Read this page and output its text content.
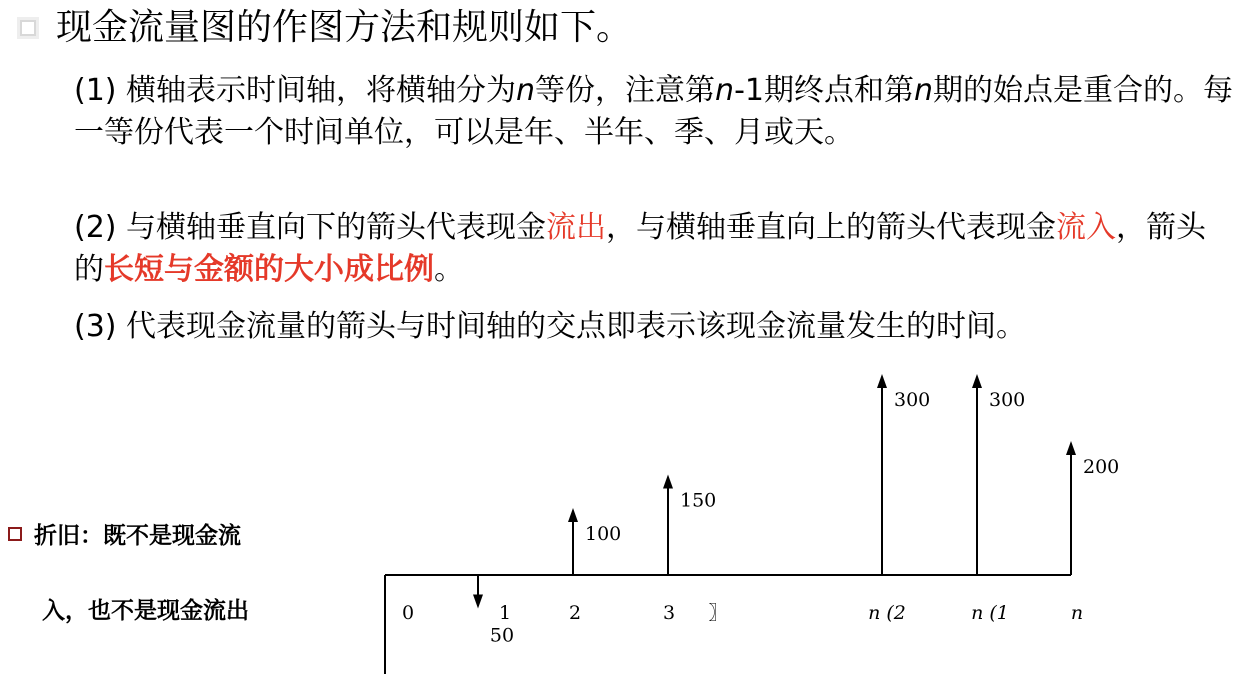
现金流量图的作图方法和规则如下。
(1) 横轴表示时间轴，将横轴分为n等份，注意第n-1期终点和第n期的始点是重合的。每一等份代表一个时间单位，可以是年、半年、季、月或天。
(2) 与横轴垂直向下的箭头代表现金流出，与横轴垂直向上的箭头代表现金流入，箭头的长短与金额的大小成比例。
(3) 代表现金流量的箭头与时间轴的交点即表示该现金流量发生的时间。
折旧：既不是现金流
入，也不是现金流出	0	1	2	3 〗	n (2	n (1	n
50
100
150
300	300
200
